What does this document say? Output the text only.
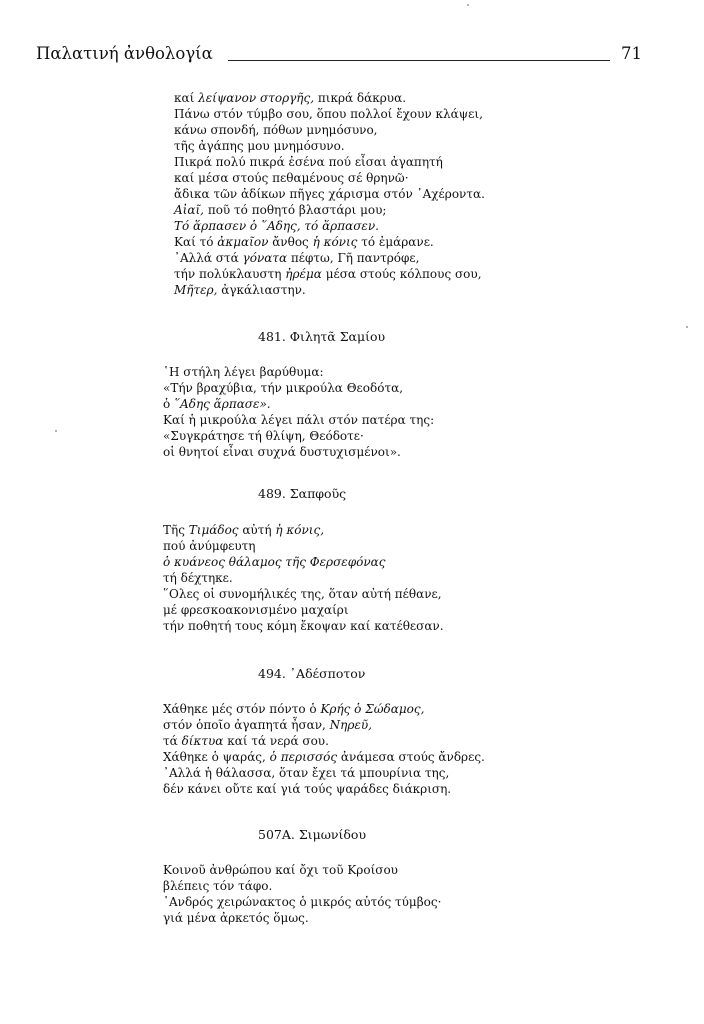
Παλατινή ἀνθολογία	71
καί λείψανον στοργῆς, πικρά δάκρυα.
Πάνω στόν τύμβο σου, ὅπου πολλοί ἔχουν κλάψει,
κάνω σπονδή, πόθων μνημόσυνο,
τῆς ἀγάπης μου μνημόσυνο.
Πικρά πολύ πικρά ἐσένα πού εἶσαι ἀγαπητή
καί μέσα στούς πεθαμένους σέ θρηνῶ·
ἄδικα τῶν ἀδίκων πῆγες χάρισμα στόν ᾿Αχέροντα.
Αἰαῖ, ποῦ τό ποθητό βλαστάρι μου;
Τό ἅρπασεν ὁ ῞Αδης, τό ἅρπασεν.
Καί τό ἀκμαῖον ἄνθος ἡ κόνις τό ἐμάρανε.
᾿Αλλά στά γόνατα πέφτω, Γῆ παντρόφε,
τήν πολύκλαυστη ἠρέμα μέσα στούς κόλπους σου,
Μῆτερ, ἀγκάλιαστην.
481. Φιλητᾶ Σαμίου
῾Η στήλη λέγει βαρύθυμα:
«Τήν βραχύβια, τήν μικρούλα Θεοδότα,
ὁ ῞Αδης ἅρπασε».
Καί ἡ μικρούλα λέγει πάλι στόν πατέρα της:
«Συγκράτησε τή θλίψη, Θεόδοτε·
οἱ θνητοί εἶναι συχνά δυστυχισμένοι».
489. Σαπφοῦς
Τῆς Τιμάδος αὐτή ἡ κόνις,
πού ἀνύμφευτη
ὁ κυάνεος θάλαμος τῆς Φερσεφόνας
τή δέχτηκε.
῞Ολες οἱ συνομήλικές της, ὅταν αὐτή πέθανε,
μέ φρεσκοακονισμένο μαχαίρι
τήν ποθητή τους κόμη ἔκοψαν καί κατέθεσαν.
494. ᾿Αδέσποτον
Χάθηκε μές στόν πόντο ὁ Κρής ὁ Σώδαμος,
στόν ὁποῖο ἀγαπητά ἦσαν, Νηρεῦ,
τά δίκτυα καί τά νερά σου.
Χάθηκε ὁ ψαράς, ὁ περισσός ἀνάμεσα στούς ἄνδρες.
᾿Αλλά ἡ θάλασσα, ὅταν ἔχει τά μπουρίνια της,
δέν κάνει οὔτε καί γιά τούς ψαράδες διάκριση.
507Α. Σιμωνίδου
Κοινοῦ ἀνθρώπου καί ὄχι τοῦ Κροίσου
βλέπεις τόν τάφο.
᾿Ανδρός χειρώνακτος ὁ μικρός αὐτός τύμβος·
γιά μένα ἀρκετός ὅμως.
